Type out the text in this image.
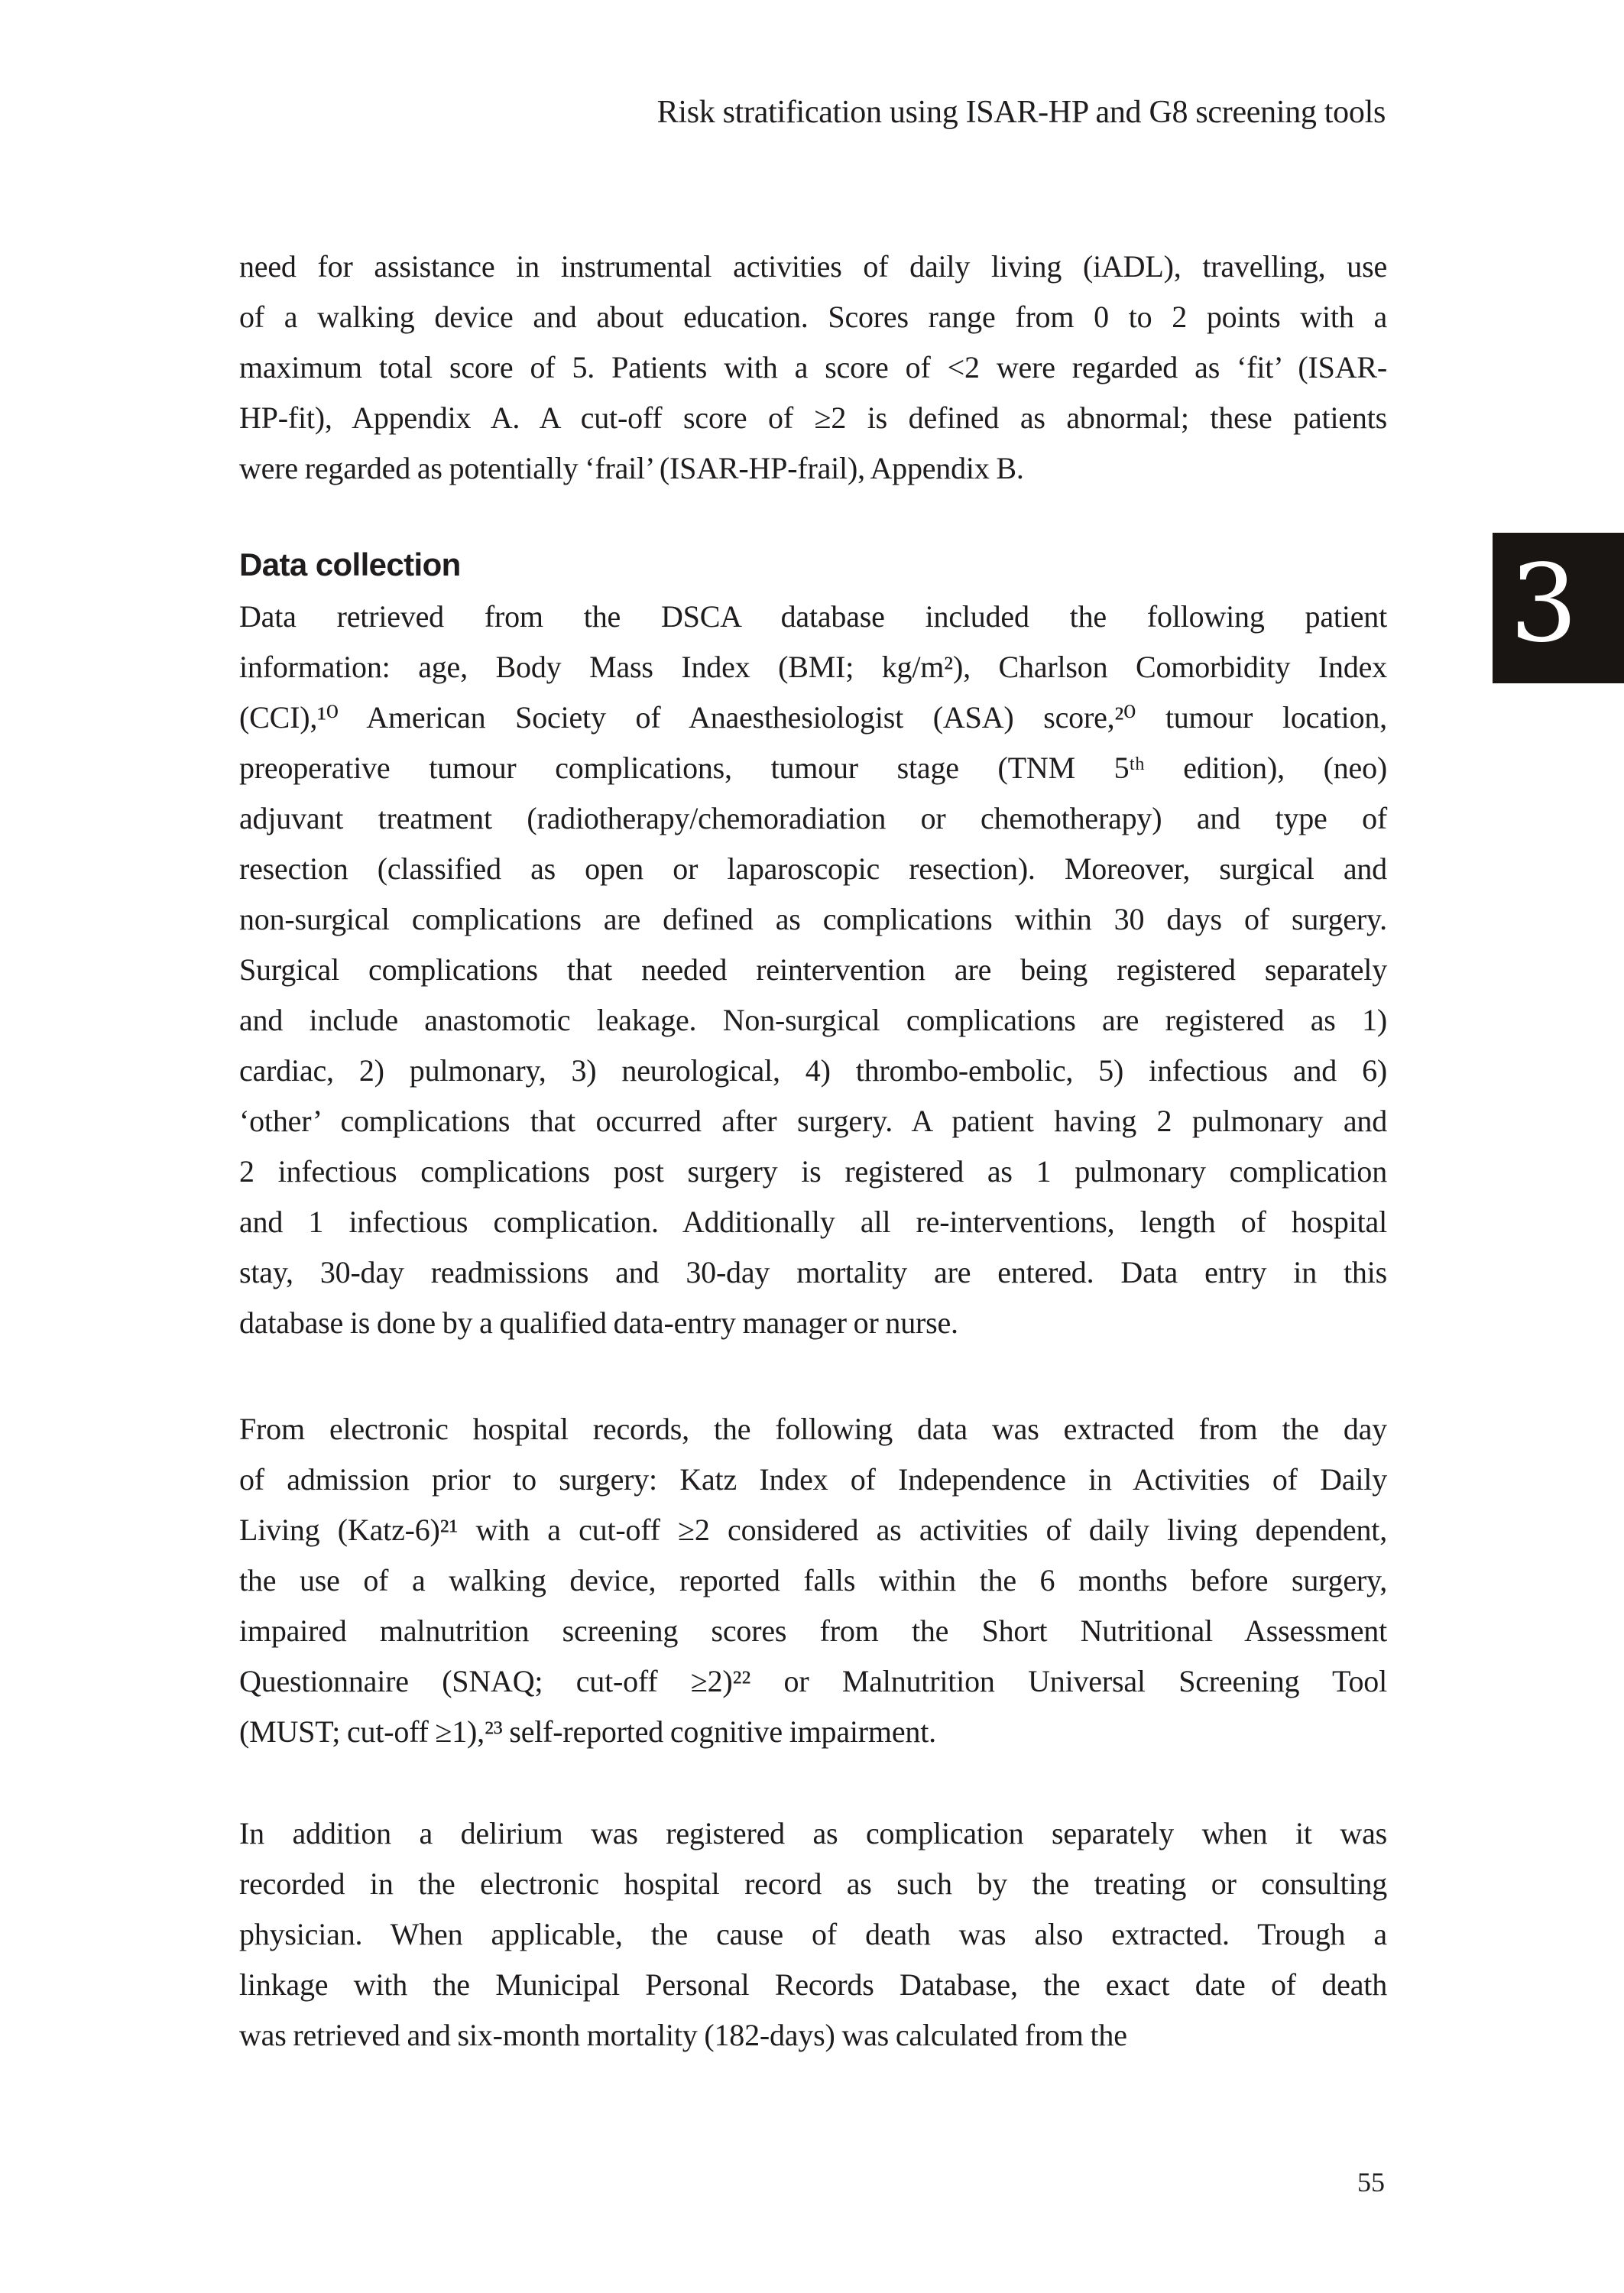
Risk stratification using ISAR-HP and G8 screening tools
3
need for assistance in instrumental activities of daily living (iADL), travelling, use
of a walking device and about education. Scores range from 0 to 2 points with a
maximum total score of 5. Patients with a score of <2 were regarded as ‘fit’ (ISAR-
HP-fit), Appendix A. A cut-off score of ≥2 is defined as abnormal; these patients
were regarded as potentially ‘frail’ (ISAR-HP-frail), Appendix B.
Data collection
Data retrieved from the DSCA database included the following patient
information: age, Body Mass Index (BMI; kg/m²), Charlson Comorbidity Index
(CCI),¹⁰ American Society of Anaesthesiologist (ASA) score,²⁰ tumour location,
preoperative tumour complications, tumour stage (TNM 5ᵗʰ edition), (neo)
adjuvant treatment (radiotherapy/chemoradiation or chemotherapy) and type of
resection (classified as open or laparoscopic resection). Moreover, surgical and
non-surgical complications are defined as complications within 30 days of surgery.
Surgical complications that needed reintervention are being registered separately
and include anastomotic leakage. Non-surgical complications are registered as 1)
cardiac, 2) pulmonary, 3) neurological, 4) thrombo-embolic, 5) infectious and 6)
‘other’ complications that occurred after surgery. A patient having 2 pulmonary and
2 infectious complications post surgery is registered as 1 pulmonary complication
and 1 infectious complication. Additionally all re-interventions, length of hospital
stay, 30-day readmissions and 30-day mortality are entered. Data entry in this
database is done by a qualified data-entry manager or nurse.
From electronic hospital records, the following data was extracted from the day
of admission prior to surgery: Katz Index of Independence in Activities of Daily
Living (Katz-6)²¹ with a cut-off ≥2 considered as activities of daily living dependent,
the use of a walking device, reported falls within the 6 months before surgery,
impaired malnutrition screening scores from the Short Nutritional Assessment
Questionnaire (SNAQ; cut-off ≥2)²² or Malnutrition Universal Screening Tool
(MUST; cut-off ≥1),²³ self-reported cognitive impairment.
In addition a delirium was registered as complication separately when it was
recorded in the electronic hospital record as such by the treating or consulting
physician. When applicable, the cause of death was also extracted. Trough a
linkage with the Municipal Personal Records Database, the exact date of death
was retrieved and six-month mortality (182-days) was calculated from the
55
